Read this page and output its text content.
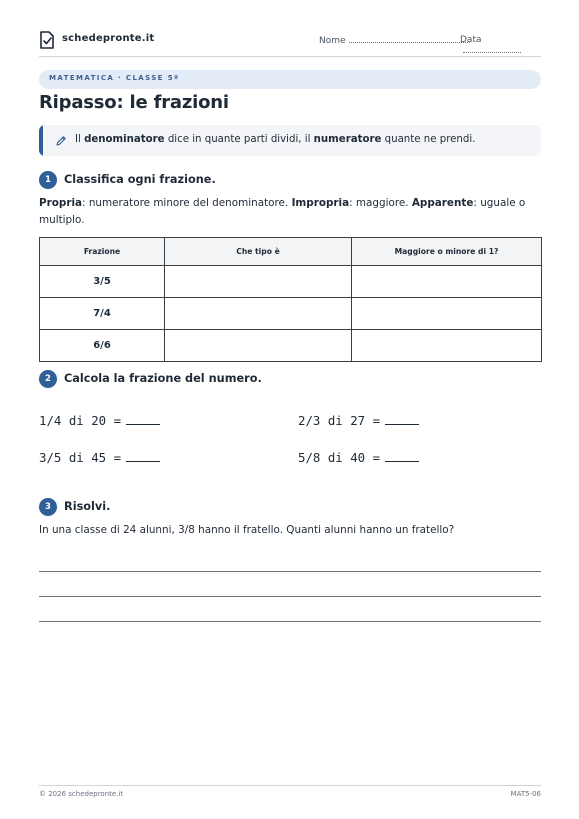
schedepronte.it	Nome	Data
MATEMATICA · CLASSE 5ª
Ripasso: le frazioni
Il denominatore dice in quante parti dividi, il numeratore quante ne prendi.
1	Classifica ogni frazione.
Propria: numeratore minore del denominatore. Impropria: maggiore. Apparente: uguale o multiplo.
Frazione	Che tipo è	Maggiore o minore di 1?
3/5		
7/4		
6/6		
2	Calcola la frazione del numero.
1/4 di 20 =	2/3 di 27 =
3/5 di 45 =	5/8 di 40 =
3	Risolvi.
In una classe di 24 alunni, 3/8 hanno il fratello. Quanti alunni hanno un fratello?
© 2026 schedepronte.it	MAT5-06
